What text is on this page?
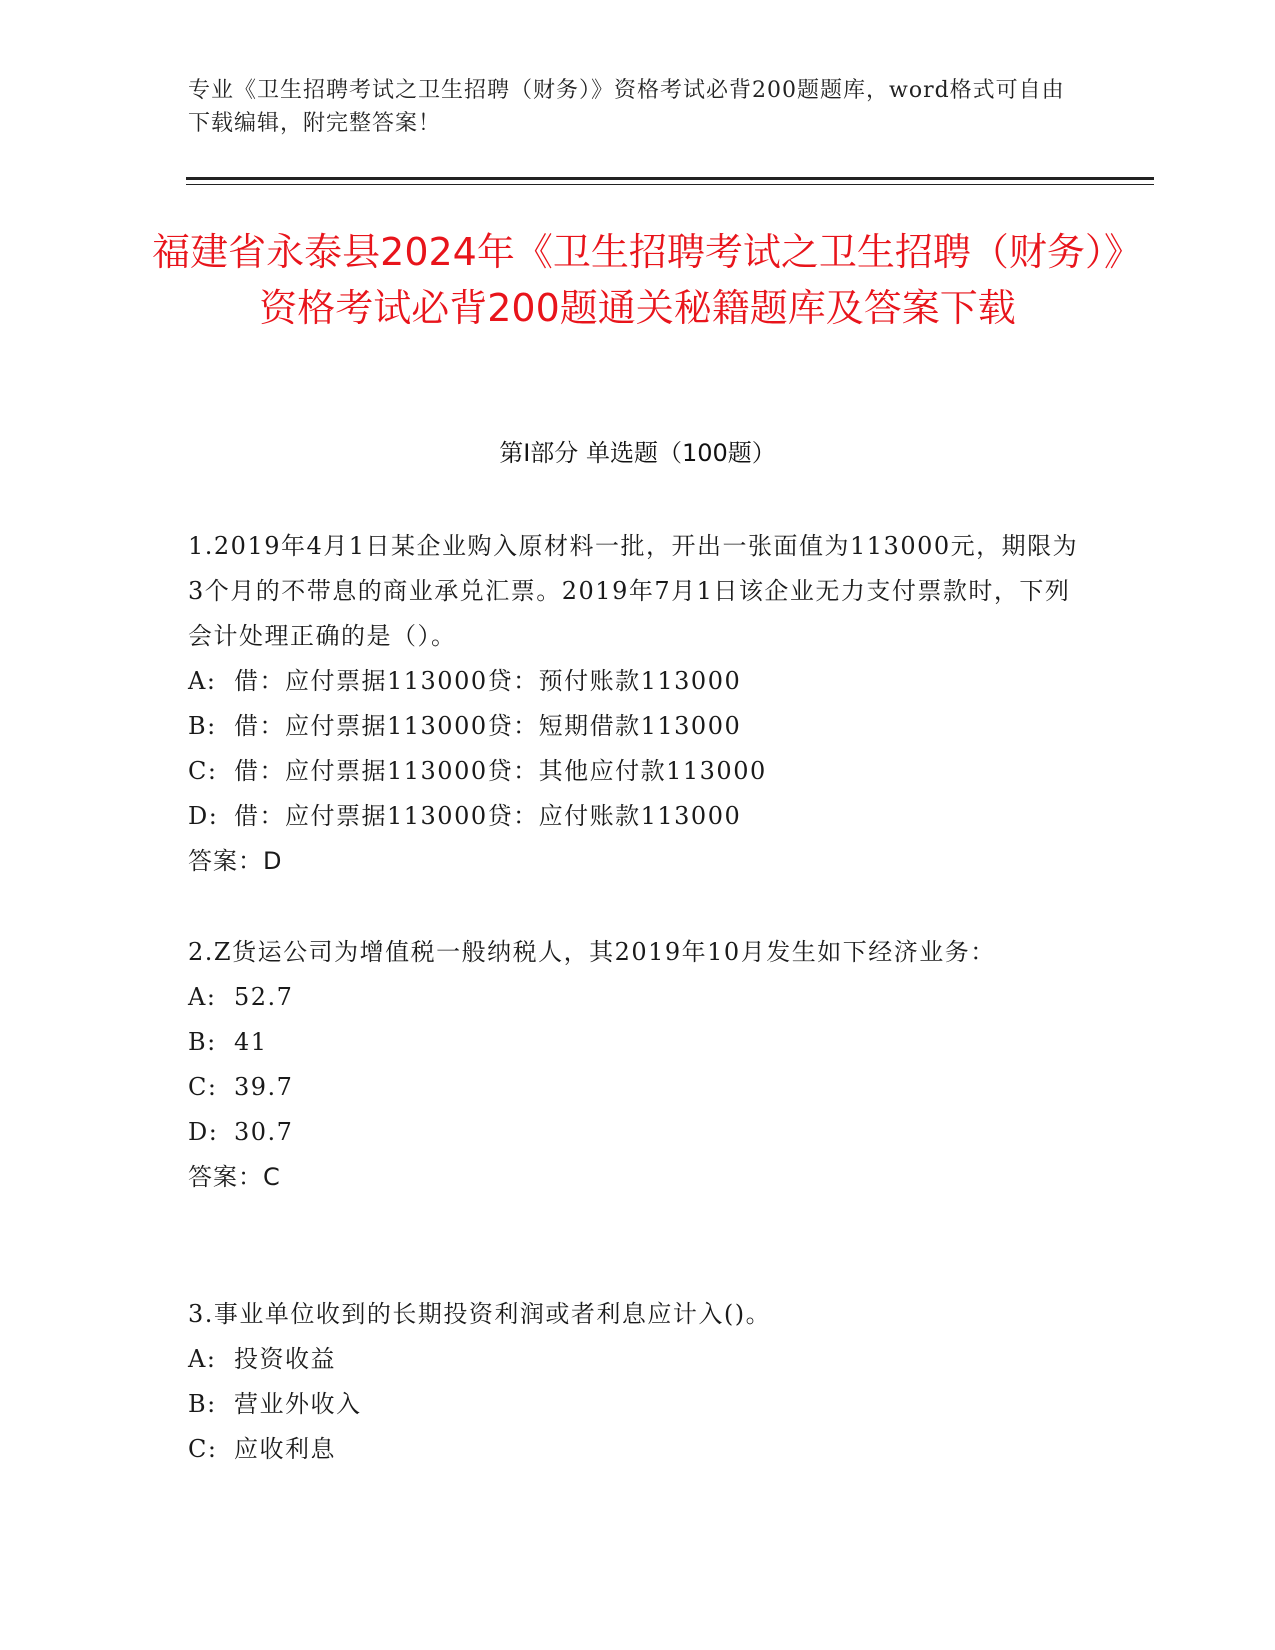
专业《卫生招聘考试之卫生招聘（财务）》资格考试必背200题题库，word格式可自由下载编辑，附完整答案！
福建省永泰县2024年《卫生招聘考试之卫生招聘（财务）》资格考试必背200题通关秘籍题库及答案下载
第Ⅰ部分 单选题（100题）
1.2019年4月1日某企业购入原材料一批，开出一张面值为113000元，期限为3个月的不带息的商业承兑汇票。2019年7月1日该企业无力支付票款时，下列会计处理正确的是（）。
A: 借：应付票据113000贷：预付账款113000
B: 借：应付票据113000贷：短期借款113000
C: 借：应付票据113000贷：其他应付款113000
D: 借：应付票据113000贷：应付账款113000
答案：D
2.Z货运公司为增值税一般纳税人，其2019年10月发生如下经济业务：
A: 52.7
B: 41
C: 39.7
D: 30.7
答案：C
3.事业单位收到的长期投资利润或者利息应计入()。
A: 投资收益
B: 营业外收入
C: 应收利息
